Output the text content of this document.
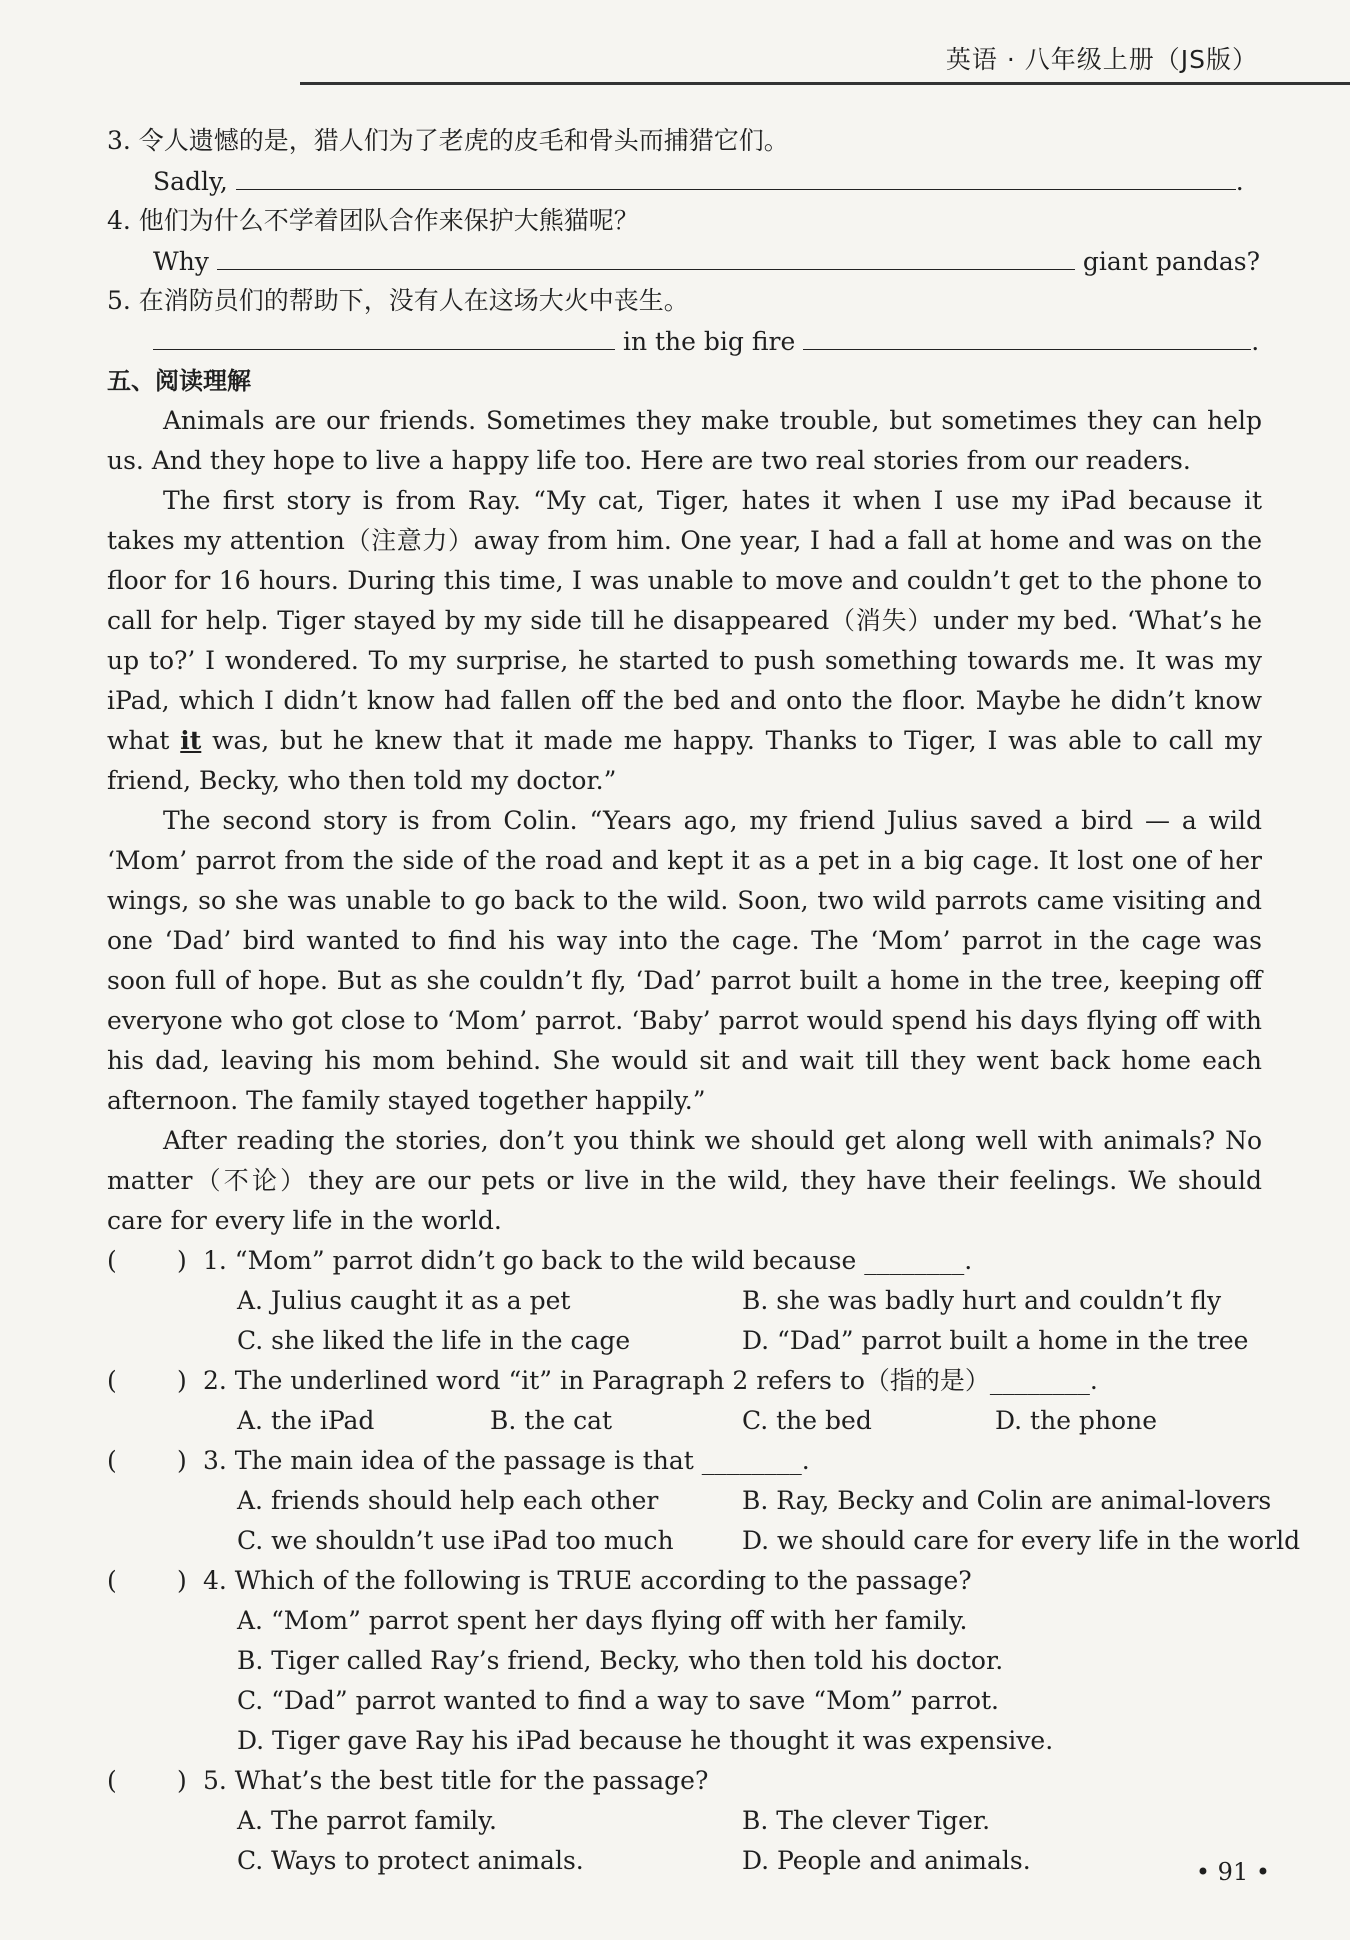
英语 · 八年级上册（JS版）
3. 令人遗憾的是，猎人们为了老虎的皮毛和骨头而捕猎它们。
Sadly,	.
4. 他们为什么不学着团队合作来保护大熊猫呢？
Why	giant pandas?
5. 在消防员们的帮助下，没有人在这场大火中丧生。
in the big fire	.
五、阅读理解
Animals are our friends. Sometimes they make trouble, but sometimes they can help us. And they hope to live a happy life too. Here are two real stories from our readers.
The first story is from Ray. “My cat, Tiger, hates it when I use my iPad because it takes my attention（注意力）away from him. One year, I had a fall at home and was on the floor for 16 hours. During this time, I was unable to move and couldn’t get to the phone to call for help. Tiger stayed by my side till he disappeared（消失）under my bed. ‘What’s he up to?’ I wondered. To my surprise, he started to push something towards me. It was my iPad, which I didn’t know had fallen off the bed and onto the floor. Maybe he didn’t know what it was, but he knew that it made me happy. Thanks to Tiger, I was able to call my friend, Becky, who then told my doctor.”
The second story is from Colin. “Years ago, my friend Julius saved a bird — a wild ‘Mom’ parrot from the side of the road and kept it as a pet in a big cage. It lost one of her wings, so she was unable to go back to the wild. Soon, two wild parrots came visiting and one ‘Dad’ bird wanted to find his way into the cage. The ‘Mom’ parrot in the cage was soon full of hope. But as she couldn’t fly, ‘Dad’ parrot built a home in the tree, keeping off everyone who got close to ‘Mom’ parrot. ‘Baby’ parrot would spend his days flying off with his dad, leaving his mom behind. She would sit and wait till they went back home each afternoon. The family stayed together happily.”
After reading the stories, don’t you think we should get along well with animals? No matter（不论）they are our pets or live in the wild, they have their feelings. We should care for every life in the world.
( ) 1. “Mom” parrot didn’t go back to the wild because ________.
A. Julius caught it as a pet	B. she was badly hurt and couldn’t fly
C. she liked the life in the cage	D. “Dad” parrot built a home in the tree
( ) 2. The underlined word “it” in Paragraph 2 refers to（指的是）________.
A. the iPad	B. the cat	C. the bed	D. the phone
( ) 3. The main idea of the passage is that ________.
A. friends should help each other	B. Ray, Becky and Colin are animal-lovers
C. we shouldn’t use iPad too much	D. we should care for every life in the world
( ) 4. Which of the following is TRUE according to the passage?
A. “Mom” parrot spent her days flying off with her family.
B. Tiger called Ray’s friend, Becky, who then told his doctor.
C. “Dad” parrot wanted to find a way to save “Mom” parrot.
D. Tiger gave Ray his iPad because he thought it was expensive.
( ) 5. What’s the best title for the passage?
A. The parrot family.	B. The clever Tiger.
C. Ways to protect animals.	D. People and animals.	• 91 •
